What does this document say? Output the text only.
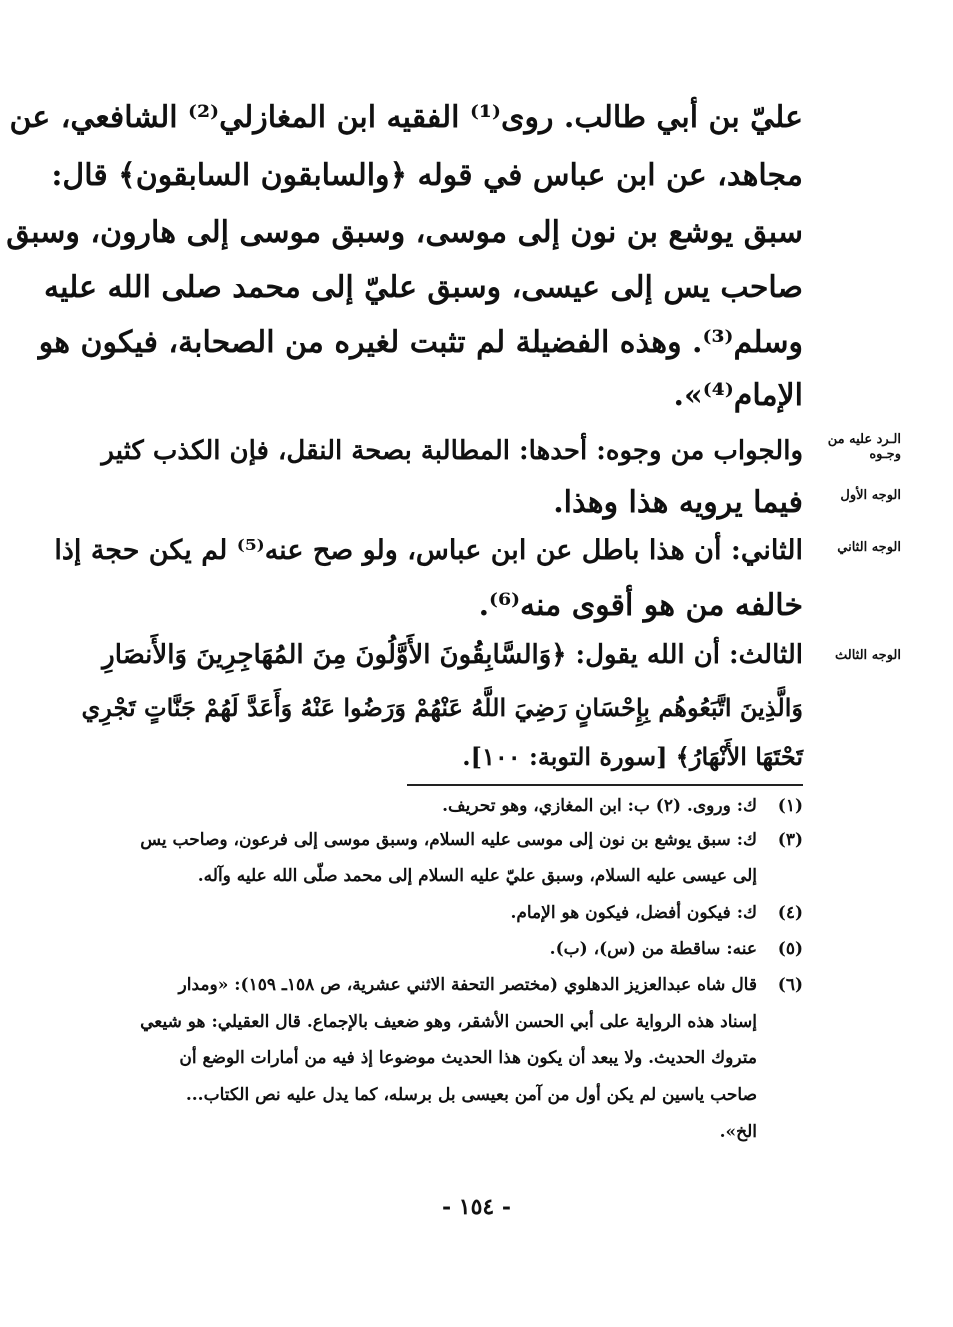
عليّ بن أبي طالب. روى⁽¹⁾ الفقيه ابن المغازلي⁽²⁾ الشافعي، عن
مجاهد، عن ابن عباس في قوله ﴿والسابقون السابقون﴾ قال:
سبق يوشع بن نون إلى موسى، وسبق موسى إلى هارون، وسبق
صاحب يس إلى عيسى، وسبق عليّ إلى محمد صلى الله عليه
وسلم⁽³⁾. وهذه الفضيلة لم تثبت لغيره من الصحابة، فيكون هو
الإمام⁽⁴⁾».
الـرد عليه من وجـوه
والجواب من وجوه: أحدها: المطالبة بصحة النقل، فإن الكذب كثير
الوجه الأول
فيما يرويه هذا وهذا.
الوجه الثاني
الثاني: أن هذا باطل عن ابن عباس، ولو صح عنه⁽⁵⁾ لم يكن حجة إذا
خالفه من هو أقوى منه⁽⁶⁾.
الوجه الثالث
الثالث: أن الله يقول: ﴿وَالسَّابِقُونَ الأَوَّلُونَ مِنَ المُهَاجِرِينَ وَالأَنصَارِ
وَالَّذِينَ اتَّبَعُوهُم بِإِحْسَانٍ رَضِيَ اللَّهُ عَنْهُمْ وَرَضُوا عَنْهُ وَأَعَدَّ لَهُمْ جَنَّاتٍ تَجْرِي
تَحْتَهَا الأَنْهَارُ﴾ [سورة التوبة: ١٠٠].
(١)
ك: وروى. (٢) ب: ابن المغازي، وهو تحريف.
(٣)
ك: سبق يوشع بن نون إلى موسى عليه السلام، وسبق موسى إلى فرعون، وصاحب يس
إلى عيسى عليه السلام، وسبق عليّ عليه السلام إلى محمد صلّى الله عليه وآله.
(٤)
ك: فيكون أفضل، فيكون هو الإمام.
(٥)
عنه: ساقطة من (س)، (ب).
(٦)
قال شاه عبدالعزيز الدهلوي (مختصر التحفة الاثني عشرية، ص ١٥٨ـ ١٥٩): «ومدار
إسناد هذه الرواية على أبي الحسن الأشقر، وهو ضعيف بالإجماع. قال العقيلي: هو شيعي
متروك الحديث. ولا يبعد أن يكون هذا الحديث موضوعا إذ فيه من أمارات الوضع أن
صاحب ياسين لم يكن أول من آمن بعيسى بل برسله، كما يدل عليه نص الكتاب...
الخ».
- ١٥٤ -
